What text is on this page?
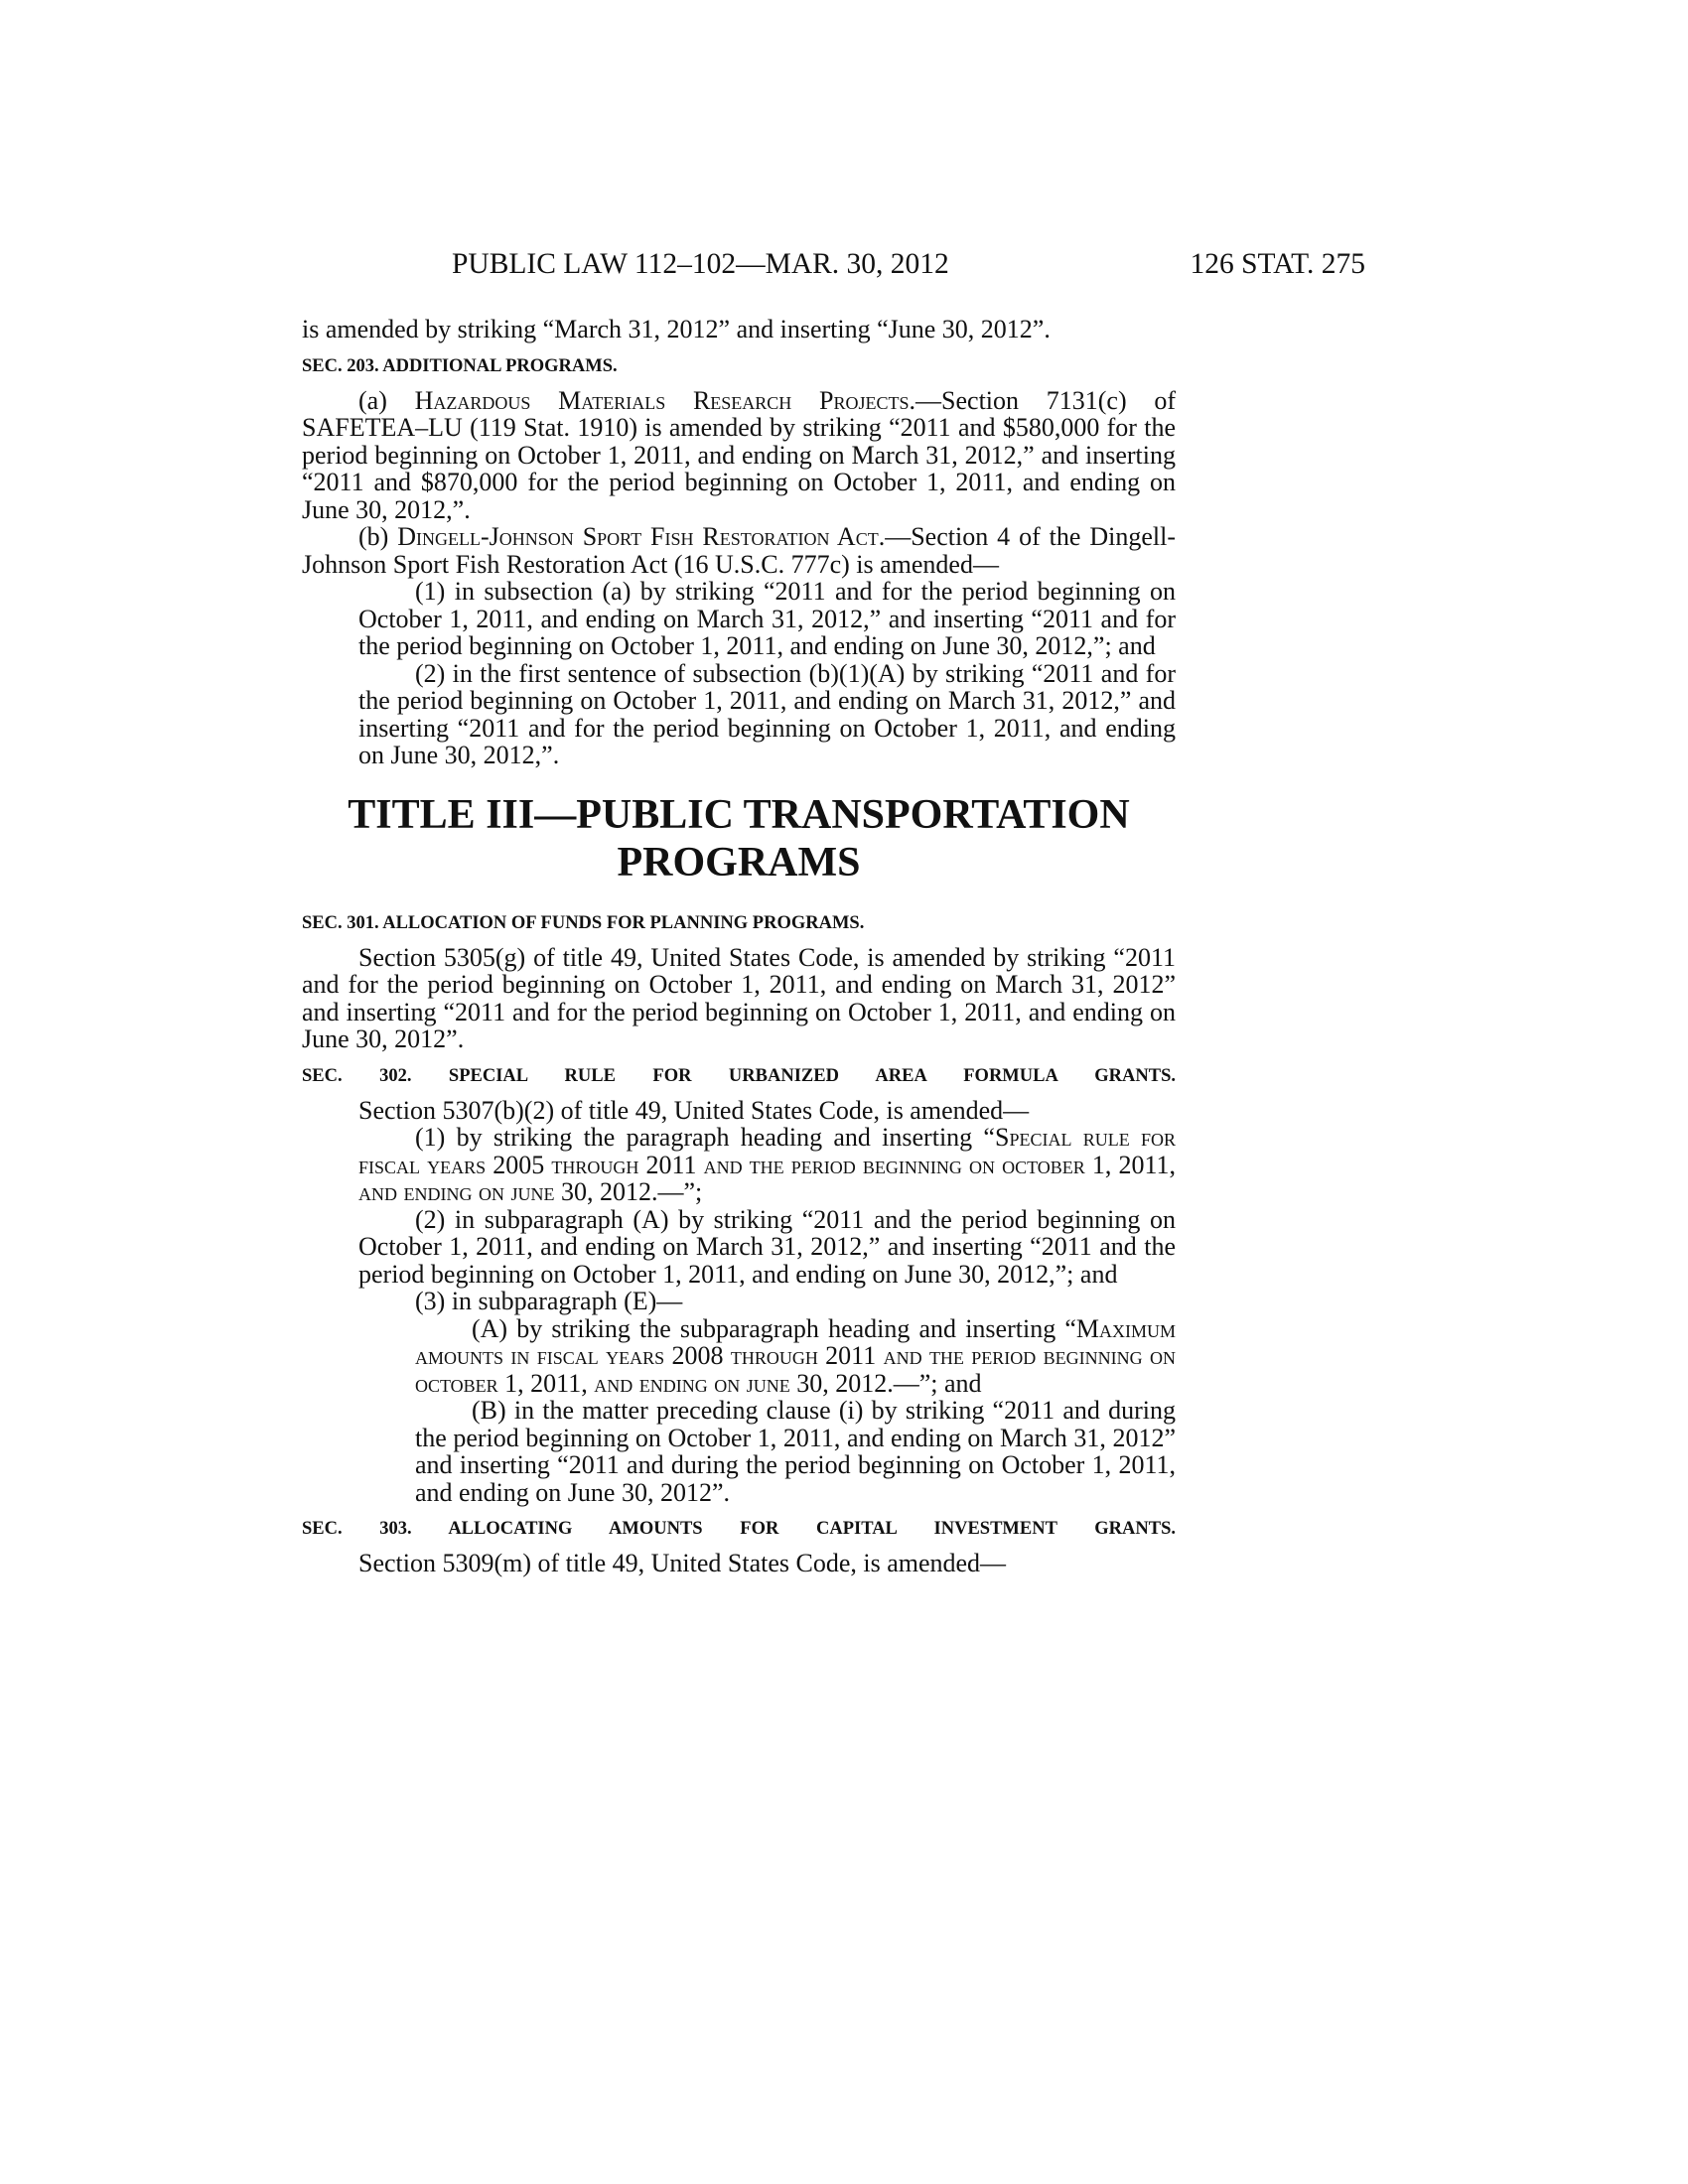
PUBLIC LAW 112–102—MAR. 30, 2012	126 STAT. 275

is amended by striking “March 31, 2012” and inserting “June 30, 2012”.

SEC. 203. ADDITIONAL PROGRAMS.

(a) Hazardous Materials Research Projects.—Section 7131(c) of SAFETEA–LU (119 Stat. 1910) is amended by striking “2011 and $580,000 for the period beginning on October 1, 2011, and ending on March 31, 2012,” and inserting “2011 and $870,000 for the period beginning on October 1, 2011, and ending on June 30, 2012,”.

(b) Dingell-Johnson Sport Fish Restoration Act.—Section 4 of the Dingell-Johnson Sport Fish Restoration Act (16 U.S.C. 777c) is amended—

(1) in subsection (a) by striking “2011 and for the period beginning on October 1, 2011, and ending on March 31, 2012,” and inserting “2011 and for the period beginning on October 1, 2011, and ending on June 30, 2012,”; and

(2) in the first sentence of subsection (b)(1)(A) by striking “2011 and for the period beginning on October 1, 2011, and ending on March 31, 2012,” and inserting “2011 and for the period beginning on October 1, 2011, and ending on June 30, 2012,”.

TITLE III—PUBLIC TRANSPORTATION
PROGRAMS

SEC. 301. ALLOCATION OF FUNDS FOR PLANNING PROGRAMS.

Section 5305(g) of title 49, United States Code, is amended by striking “2011 and for the period beginning on October 1, 2011, and ending on March 31, 2012” and inserting “2011 and for the period beginning on October 1, 2011, and ending on June 30, 2012”.

SEC. 302. SPECIAL RULE FOR URBANIZED AREA FORMULA GRANTS.

Section 5307(b)(2) of title 49, United States Code, is amended—

(1) by striking the paragraph heading and inserting “Special rule for fiscal years 2005 through 2011 and the period beginning on october 1, 2011, and ending on june 30, 2012.—”;

(2) in subparagraph (A) by striking “2011 and the period beginning on October 1, 2011, and ending on March 31, 2012,” and inserting “2011 and the period beginning on October 1, 2011, and ending on June 30, 2012,”; and

(3) in subparagraph (E)—

(A) by striking the subparagraph heading and inserting “Maximum amounts in fiscal years 2008 through 2011 and the period beginning on october 1, 2011, and ending on june 30, 2012.—”; and

(B) in the matter preceding clause (i) by striking “2011 and during the period beginning on October 1, 2011, and ending on March 31, 2012” and inserting “2011 and during the period beginning on October 1, 2011, and ending on June 30, 2012”.

SEC. 303. ALLOCATING AMOUNTS FOR CAPITAL INVESTMENT GRANTS.

Section 5309(m) of title 49, United States Code, is amended—
